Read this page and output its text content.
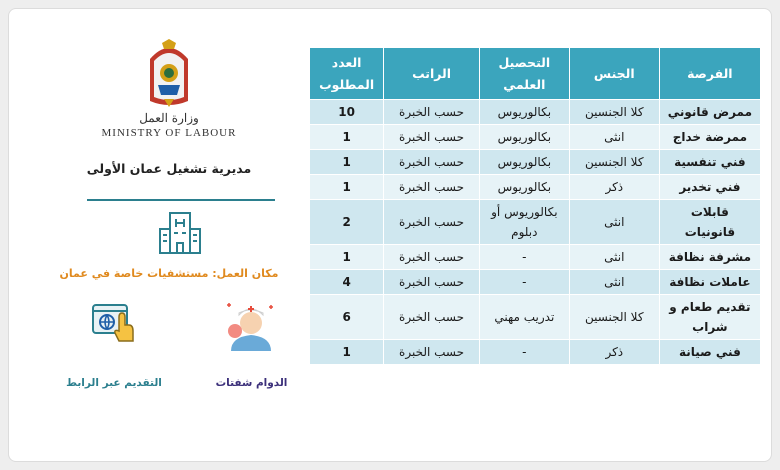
وزارة العمل
MINISTRY OF LABOUR
مديرية تشغيل عمان الأولى
مكان العمل: مستشفيات خاصة في عمان
التقديم عبر الرابط	الدوام شفتات
الفرصة	الجنس	التحصيل العلمي	الراتب	العدد المطلوب
ممرض قانوني	كلا الجنسين	بكالوريوس	حسب الخبرة	10
ممرضة خداج	انثى	بكالوريوس	حسب الخبرة	1
فني تنفسية	كلا الجنسين	بكالوريوس	حسب الخبرة	1
فني تخدير	ذكر	بكالوريوس	حسب الخبرة	1
قابلات قانونيات	انثى	بكالوريوس أو دبلوم	حسب الخبرة	2
مشرفة نظافة	انثى	-	حسب الخبرة	1
عاملات نظافة	انثى	-	حسب الخبرة	4
تقديم طعام و شراب	كلا الجنسين	تدريب مهني	حسب الخبرة	6
فني صيانة	ذكر	-	حسب الخبرة	1
